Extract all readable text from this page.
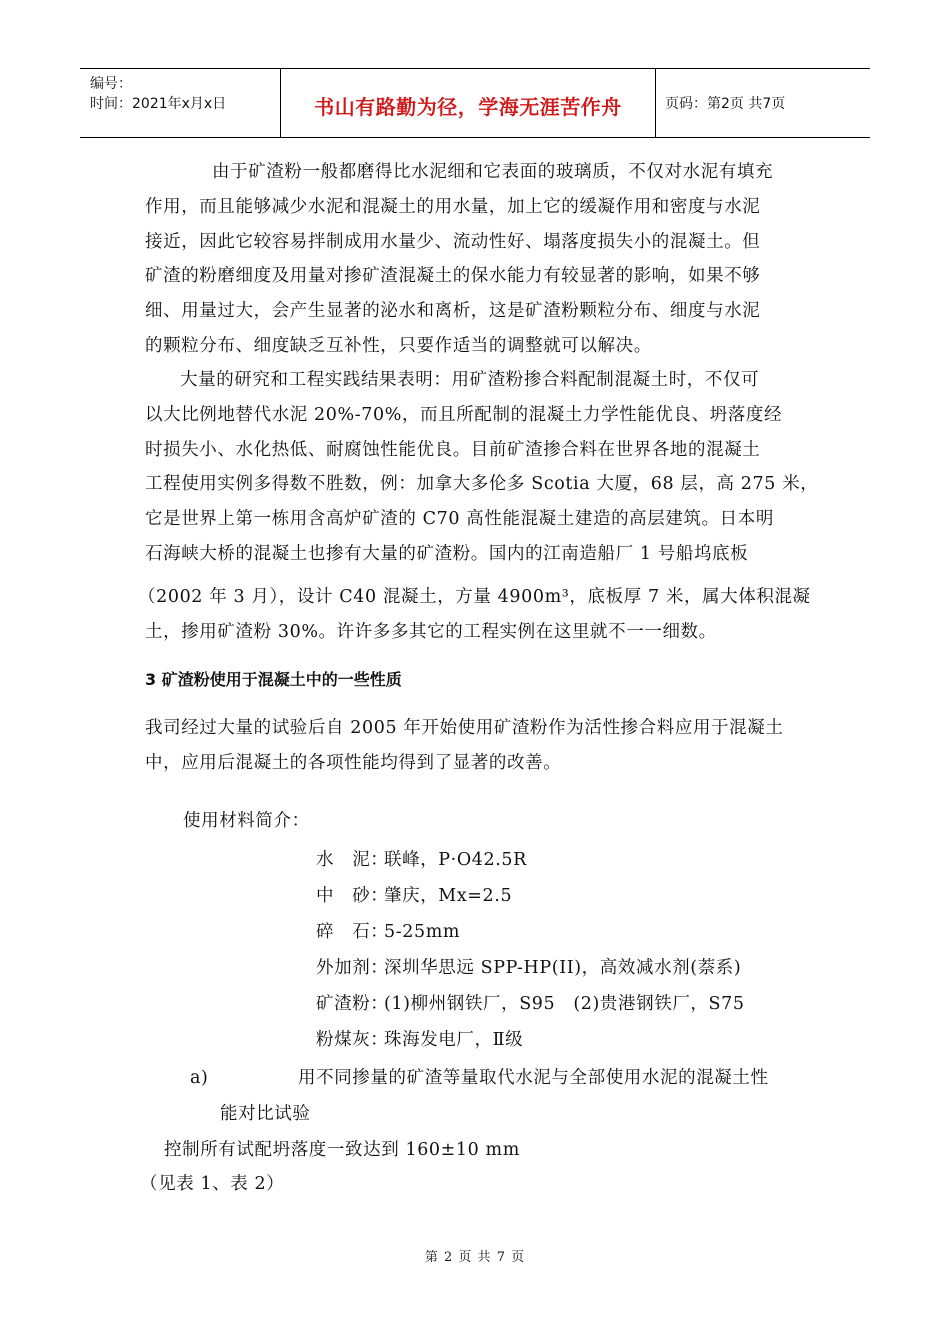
编号：
时间：2021年x月x日	书山有路勤为径，学海无涯苦作舟	页码：第2页 共7页
由于矿渣粉一般都磨得比水泥细和它表面的玻璃质，不仅对水泥有填充
作用，而且能够减少水泥和混凝土的用水量，加上它的缓凝作用和密度与水泥
接近，因此它较容易拌制成用水量少、流动性好、塌落度损失小的混凝土。但
矿渣的粉磨细度及用量对掺矿渣混凝土的保水能力有较显著的影响，如果不够
细、用量过大，会产生显著的泌水和离析，这是矿渣粉颗粒分布、细度与水泥
的颗粒分布、细度缺乏互补性，只要作适当的调整就可以解决。
大量的研究和工程实践结果表明：用矿渣粉掺合料配制混凝土时，不仅可
以大比例地替代水泥 20%-70%，而且所配制的混凝土力学性能优良、坍落度经
时损失小、水化热低、耐腐蚀性能优良。目前矿渣掺合料在世界各地的混凝土
工程使用实例多得数不胜数，例：加拿大多伦多 Scotia 大厦，68 层，高 275 米，
它是世界上第一栋用含高炉矿渣的 C70 高性能混凝土建造的高层建筑。日本明
石海峡大桥的混凝土也掺有大量的矿渣粉。国内的江南造船厂 1 号船坞底板
（2002 年 3 月），设计 C40 混凝土，方量 4900m³，底板厚 7 米，属大体积混凝
土，掺用矿渣粉 30%。许许多多其它的工程实例在这里就不一一细数。
3 矿渣粉使用于混凝土中的一些性质
我司经过大量的试验后自 2005 年开始使用矿渣粉作为活性掺合料应用于混凝土
中，应用后混凝土的各项性能均得到了显著的改善。
使用材料简介：
水　泥：联峰，P·O42.5R
中　砂：肇庆，Mx=2.5
碎　石：5-25mm
外加剂：深圳华思远 SPP-HP(II)，高效减水剂(萘系)
矿渣粉：(1)柳州钢铁厂，S95　(2)贵港钢铁厂，S75
粉煤灰：珠海发电厂，Ⅱ级
a)	用不同掺量的矿渣等量取代水泥与全部使用水泥的混凝土性
能对比试验
控制所有试配坍落度一致达到 160±10 mm
（见表 1、表 2）
第 2 页 共 7 页
